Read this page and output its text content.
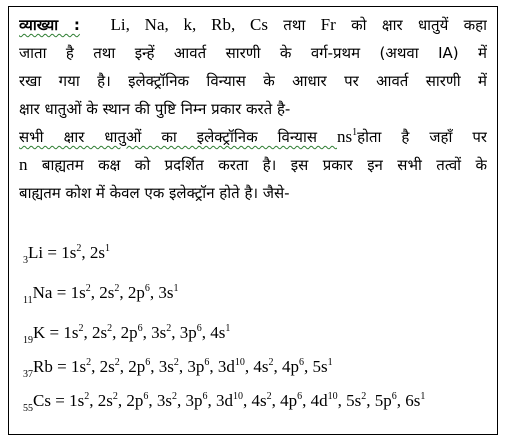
व्याख्या : Li, Na, k, Rb, Cs तथा Fr को क्षार धातुयें कहा
जाता है तथा इन्हें आवर्त सारणी के वर्ग-प्रथम (अथवा IA) में
रखा गया है। इलेक्ट्रॉनिक विन्यास के आधार पर आवर्त सारणी में
क्षार धातुओं के स्थान की पुष्टि निम्न प्रकार करते है-
सभी क्षार धातुओं का इलेक्ट्रॉनिक विन्यास $ns^1होता$ है जहाँ पर
n बाह्यतम कक्ष को प्रदर्शित करता है। इस प्रकार इन सभी तत्वों के
बाह्यतम कोश में केवल एक इलेक्ट्रॉन होते है। जैसे-
$_3Li = 1s^2$, $2s^1$
$_{11}Na = 1s^2$, $2s^2$, $2p^6$, $3s^1$
$_{19}K = 1s^2$, $2s^2$, $2p^6$, $3s^2$, $3p^6$, $4s^1$
$_{37}Rb = 1s^2$, $2s^2$, $2p^6$, $3s^2$, $3p^6$, $3d^{10}$, $4s^2$, $4p^6$, $5s^1$
$_{55}Cs = 1s^2$, $2s^2$, $2p^6$, $3s^2$, $3p^6$, $3d^{10}$, $4s^2$, $4p^6$, $4d^{10}$, $5s^2$, $5p^6$, $6s^1$
